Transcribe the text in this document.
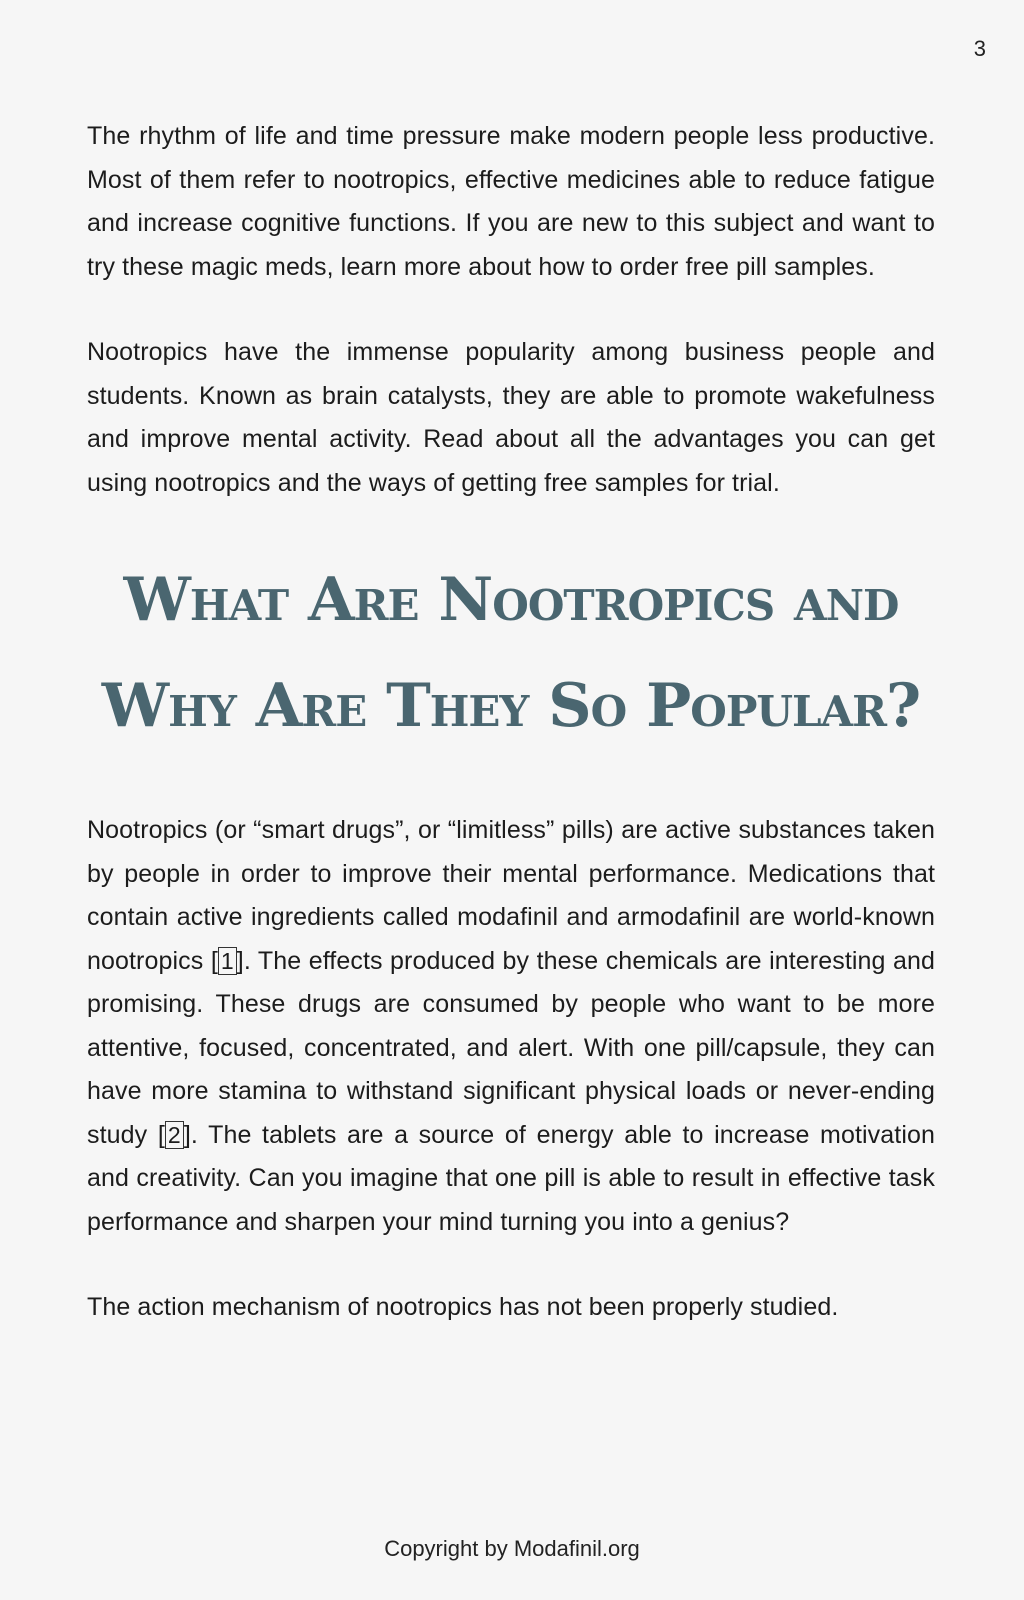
3

The rhythm of life and time pressure make modern people less productive. Most of them refer to nootropics, effective medicines able to reduce fatigue and increase cognitive functions. If you are new to this subject and want to try these magic meds, learn more about how to order free pill samples.

Nootropics have the immense popularity among business people and students. Known as brain catalysts, they are able to promote wakefulness and improve mental activity. Read about all the advantages you can get using nootropics and the ways of getting free samples for trial.

What Are Nootropics and
Why Are They So Popular?

Nootropics (or “smart drugs”, or “limitless” pills) are active substances taken by people in order to improve their mental performance. Medications that contain active ingredients called modafinil and armodafinil are world-known nootropics [ 1 ]. The effects produced by these chemicals are interesting and promising. These drugs are consumed by people who want to be more attentive, focused, concentrated, and alert. With one pill/capsule, they can have more stamina to withstand significant physical loads or never-ending study [ 2 ]. The tablets are a source of energy able to increase motivation and creativity. Can you imagine that one pill is able to result in effective task performance and sharpen your mind turning you into a genius?

The action mechanism of nootropics has not been properly studied.

Copyright by Modafinil.org
